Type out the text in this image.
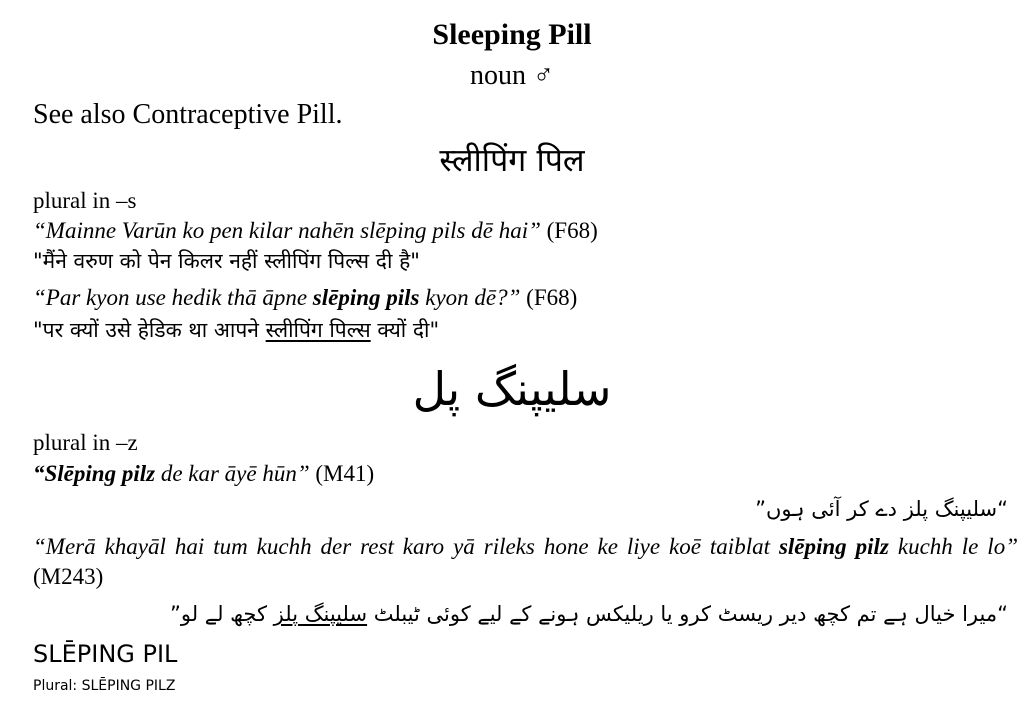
Sleeping Pill
noun ♂
See also Contraceptive Pill.
स्लीपिंग पिल
plural in –s
“Mainne Varūn ko pen kilar nahēn slēping pils dē hai” (F68)
"मैंने वरुण को पेन किलर नहीं स्लीपिंग पिल्स दी है"
“Par kyon use hedik thā āpne slēping pils kyon dē?” (F68)
"पर क्यों उसे हेडिक था आपने स्लीपिंग पिल्स क्यों दी"
سلیپنگ پل
plural in –z
“Slēping pilz de kar āyē hūn” (M41)
“سلیپنگ پلز دے کر آئی ہوں”
“Merā khayāl hai tum kuchh der rest karo yā rileks hone ke liye koē taiblat slēping pilz kuchh le lo” (M243)
“میرا خیال ہے تم کچھ دیر ریسٹ کرو یا ریلیکس ہونے کے لیے کوئی ٹیبلٹ سلیپنگ پلز کچھ لے لو”
SLĒPING PIL
Plural: SLĒPING PILZ
